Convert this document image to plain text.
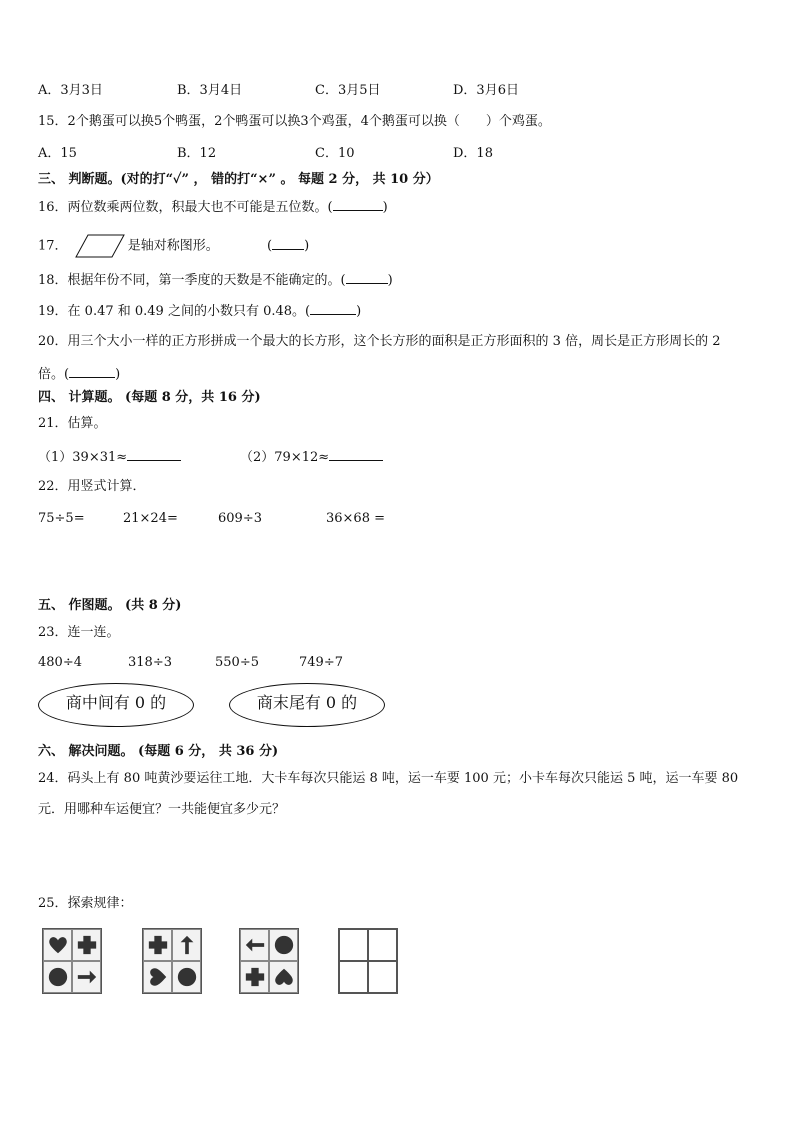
A．3月3日	B．3月4日	C．3月5日	D．3月6日
15．2个鹅蛋可以换5个鸭蛋，2个鸭蛋可以换3个鸡蛋，4个鹅蛋可以换（　　）个鸡蛋。
A．15	B．12	C．10	D．18
三、 判断题。(对的打“✓” ， 错的打“×” 。 每题 2 分， 共 10 分）
16．两位数乘两位数，积最大也不可能是五位数。(	)
17．	是轴对称图形。	( )
18．根据年份不同，第一季度的天数是不能确定的。(	)
19．在 0.47 和 0.49 之间的小数只有 0.48。(	)
20．用三个大小一样的正方形拼成一个最大的长方形，这个长方形的面积是正方形面积的 3 倍，周长是正方形周长的 2
倍。(	)
四、 计算题。 (每题 8 分，共 16 分)
21．估算。
（1）39×31≈	（2）79×12≈
22．用竖式计算．
75÷5=	21×24=	609÷3	36×68 =
五、 作图题。 (共 8 分)
23．连一连。
480÷4	318÷3	550÷5	749÷7
商中间有 0 的	商末尾有 0 的
六、 解决问题。 (每题 6 分， 共 36 分)
24．码头上有 80 吨黄沙要运往工地．大卡车每次只能运 8 吨，运一车要 100 元；小卡车每次只能运 5 吨，运一车要 80
元．用哪种车运便宜？一共能便宜多少元？
25．探索规律：
